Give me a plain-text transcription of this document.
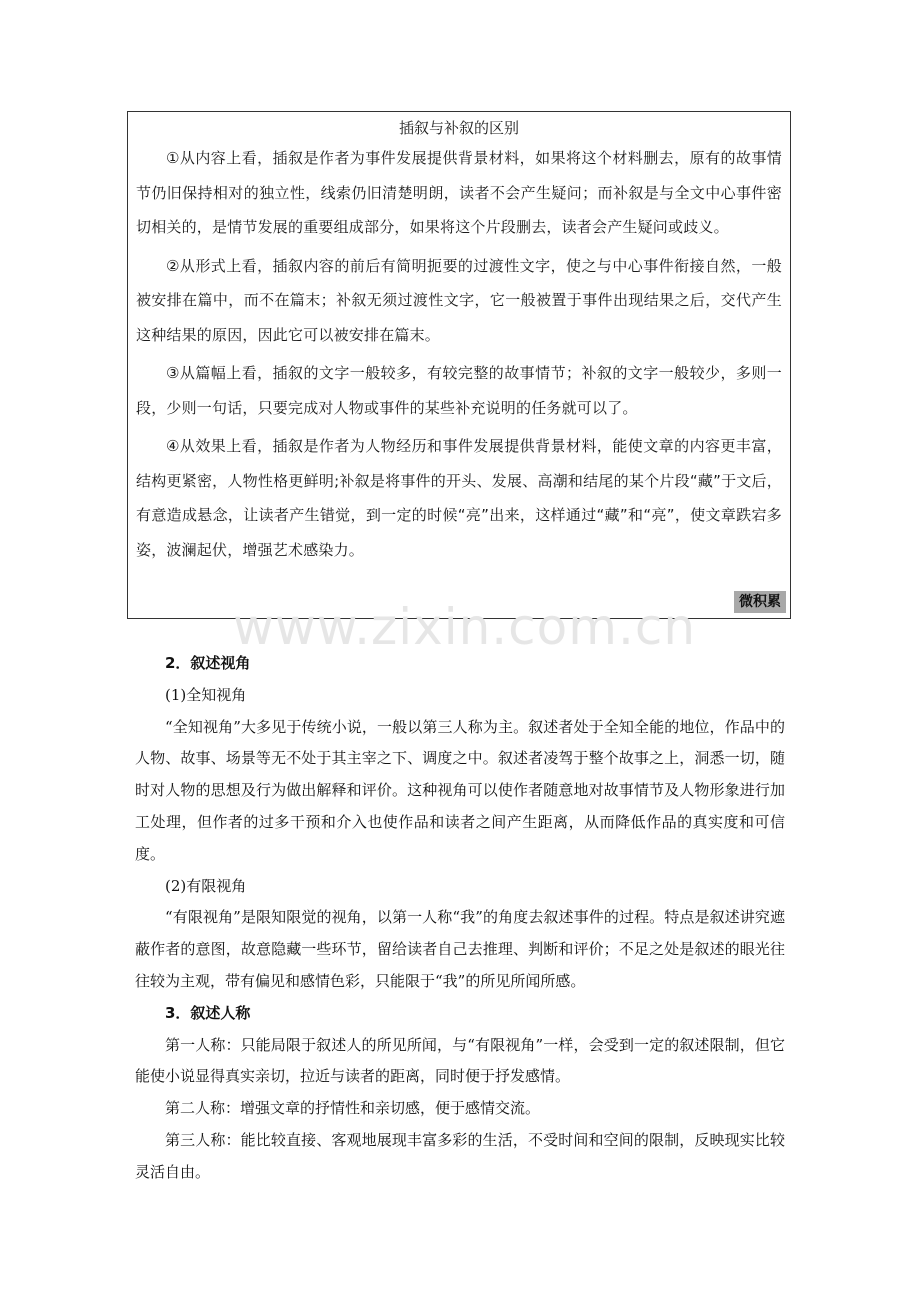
插叙与补叙的区别

①从内容上看，插叙是作者为事件发展提供背景材料，如果将这个材料删去，原有的故事情节仍旧保持相对的独立性，线索仍旧清楚明朗，读者不会产生疑问；而补叙是与全文中心事件密切相关的，是情节发展的重要组成部分，如果将这个片段删去，读者会产生疑问或歧义。

②从形式上看，插叙内容的前后有简明扼要的过渡性文字，使之与中心事件衔接自然，一般被安排在篇中，而不在篇末；补叙无须过渡性文字，它一般被置于事件出现结果之后，交代产生这种结果的原因，因此它可以被安排在篇末。

③从篇幅上看，插叙的文字一般较多，有较完整的故事情节；补叙的文字一般较少，多则一段，少则一句话，只要完成对人物或事件的某些补充说明的任务就可以了。

④从效果上看，插叙是作者为人物经历和事件发展提供背景材料，能使文章的内容更丰富，结构更紧密，人物性格更鲜明;补叙是将事件的开头、发展、高潮和结尾的某个片段“藏”于文后，有意造成悬念，让读者产生错觉，到一定的时候“亮”出来，这样通过“藏”和“亮”，使文章跌宕多姿，波澜起伏，增强艺术感染力。

微积累
www.zixin.com.cn

2．叙述视角

(1)全知视角

“全知视角”大多见于传统小说，一般以第三人称为主。叙述者处于全知全能的地位，作品中的人物、故事、场景等无不处于其主宰之下、调度之中。叙述者凌驾于整个故事之上，洞悉一切，随时对人物的思想及行为做出解释和评价。这种视角可以使作者随意地对故事情节及人物形象进行加工处理，但作者的过多干预和介入也使作品和读者之间产生距离，从而降低作品的真实度和可信度。

(2)有限视角

“有限视角”是限知限觉的视角，以第一人称“我”的角度去叙述事件的过程。特点是叙述讲究遮蔽作者的意图，故意隐藏一些环节，留给读者自己去推理、判断和评价；不足之处是叙述的眼光往往较为主观，带有偏见和感情色彩，只能限于“我”的所见所闻所感。

3．叙述人称

第一人称：只能局限于叙述人的所见所闻，与“有限视角”一样，会受到一定的叙述限制，但它能使小说显得真实亲切，拉近与读者的距离，同时便于抒发感情。

第二人称：增强文章的抒情性和亲切感，便于感情交流。

第三人称：能比较直接、客观地展现丰富多彩的生活，不受时间和空间的限制，反映现实比较灵活自由。
